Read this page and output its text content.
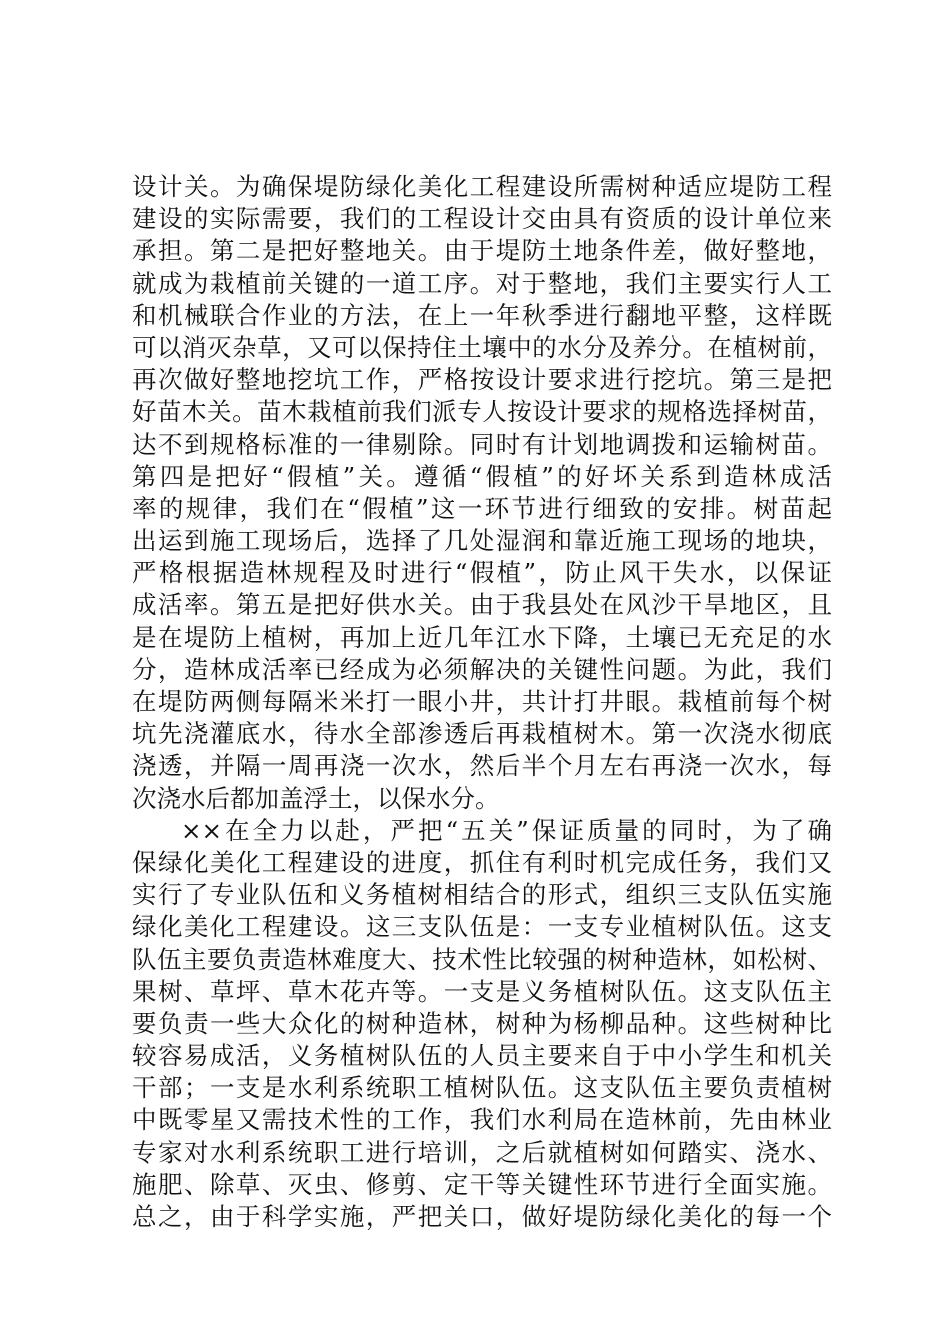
设计关。为确保堤防绿化美化工程建设所需树种适应堤防工程
建设的实际需要，我们的工程设计交由具有资质的设计单位来
承担。第二是把好整地关。由于堤防土地条件差，做好整地，
就成为栽植前关键的一道工序。对于整地，我们主要实行人工
和机械联合作业的方法，在上一年秋季进行翻地平整，这样既
可以消灭杂草，又可以保持住土壤中的水分及养分。在植树前，
再次做好整地挖坑工作，严格按设计要求进行挖坑。第三是把
好苗木关。苗木栽植前我们派专人按设计要求的规格选择树苗，
达不到规格标准的一律剔除。同时有计划地调拨和运输树苗。
第四是把好“假植”关。遵循“假植”的好坏关系到造林成活
率的规律，我们在“假植”这一环节进行细致的安排。树苗起
出运到施工现场后，选择了几处湿润和靠近施工现场的地块，
严格根据造林规程及时进行“假植”，防止风干失水，以保证
成活率。第五是把好供水关。由于我县处在风沙干旱地区，且
是在堤防上植树，再加上近几年江水下降，土壤已无充足的水
分，造林成活率已经成为必须解决的关键性问题。为此，我们
在堤防两侧每隔米米打一眼小井，共计打井眼。栽植前每个树
坑先浇灌底水，待水全部渗透后再栽植树木。第一次浇水彻底
浇透，并隔一周再浇一次水，然后半个月左右再浇一次水，每
次浇水后都加盖浮土，以保水分。
××在全力以赴，严把“五关”保证质量的同时，为了确
保绿化美化工程建设的进度，抓住有利时机完成任务，我们又
实行了专业队伍和义务植树相结合的形式，组织三支队伍实施
绿化美化工程建设。这三支队伍是：一支专业植树队伍。这支
队伍主要负责造林难度大、技术性比较强的树种造林，如松树、
果树、草坪、草木花卉等。一支是义务植树队伍。这支队伍主
要负责一些大众化的树种造林，树种为杨柳品种。这些树种比
较容易成活，义务植树队伍的人员主要来自于中小学生和机关
干部；一支是水利系统职工植树队伍。这支队伍主要负责植树
中既零星又需技术性的工作，我们水利局在造林前，先由林业
专家对水利系统职工进行培训，之后就植树如何踏实、浇水、
施肥、除草、灭虫、修剪、定干等关键性环节进行全面实施。
总之，由于科学实施，严把关口，做好堤防绿化美化的每一个
